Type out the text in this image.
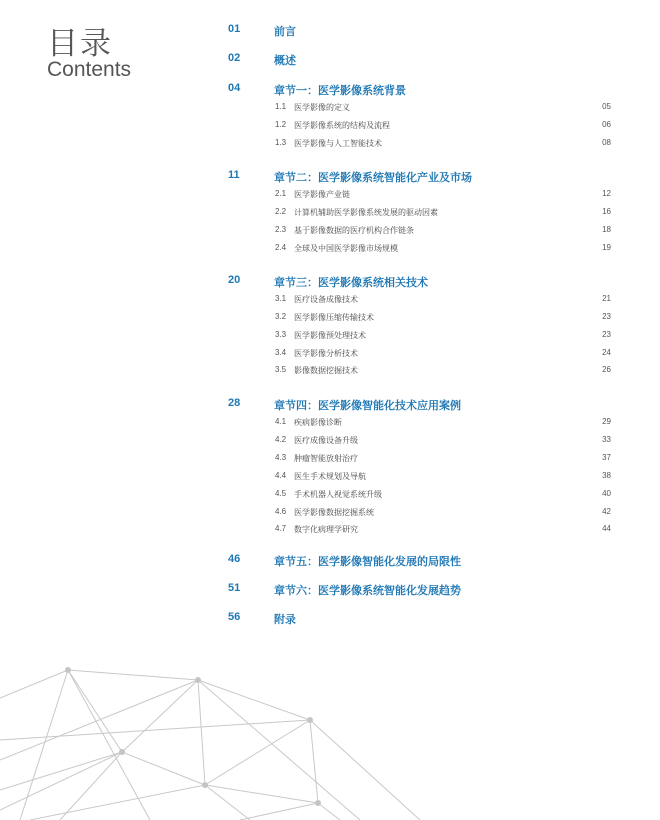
目录
Contents
01	前言
02	概述
04	章节一：医学影像系统背景
1.1 医学影像的定义	05
1.2 医学影像系统的结构及流程	06
1.3 医学影像与人工智能技术	08
11	章节二：医学影像系统智能化产业及市场
2.1 医学影像产业链	12
2.2 计算机辅助医学影像系统发展的驱动因素	16
2.3 基于影像数据的医疗机构合作链条	18
2.4 全球及中国医学影像市场规模	19
20	章节三：医学影像系统相关技术
3.1 医疗设备成像技术	21
3.2 医学影像压缩传输技术	23
3.3 医学影像预处理技术	23
3.4 医学影像分析技术	24
3.5 影像数据挖掘技术	26
28	章节四：医学影像智能化技术应用案例
4.1 疾病影像诊断	29
4.2 医疗成像设备升级	33
4.3 肿瘤智能放射治疗	37
4.4 医生手术规划及导航	38
4.5 手术机器人视觉系统升级	40
4.6 医学影像数据挖掘系统	42
4.7 数字化病理学研究	44
46	章节五：医学影像智能化发展的局限性
51	章节六：医学影像系统智能化发展趋势
56	附录
